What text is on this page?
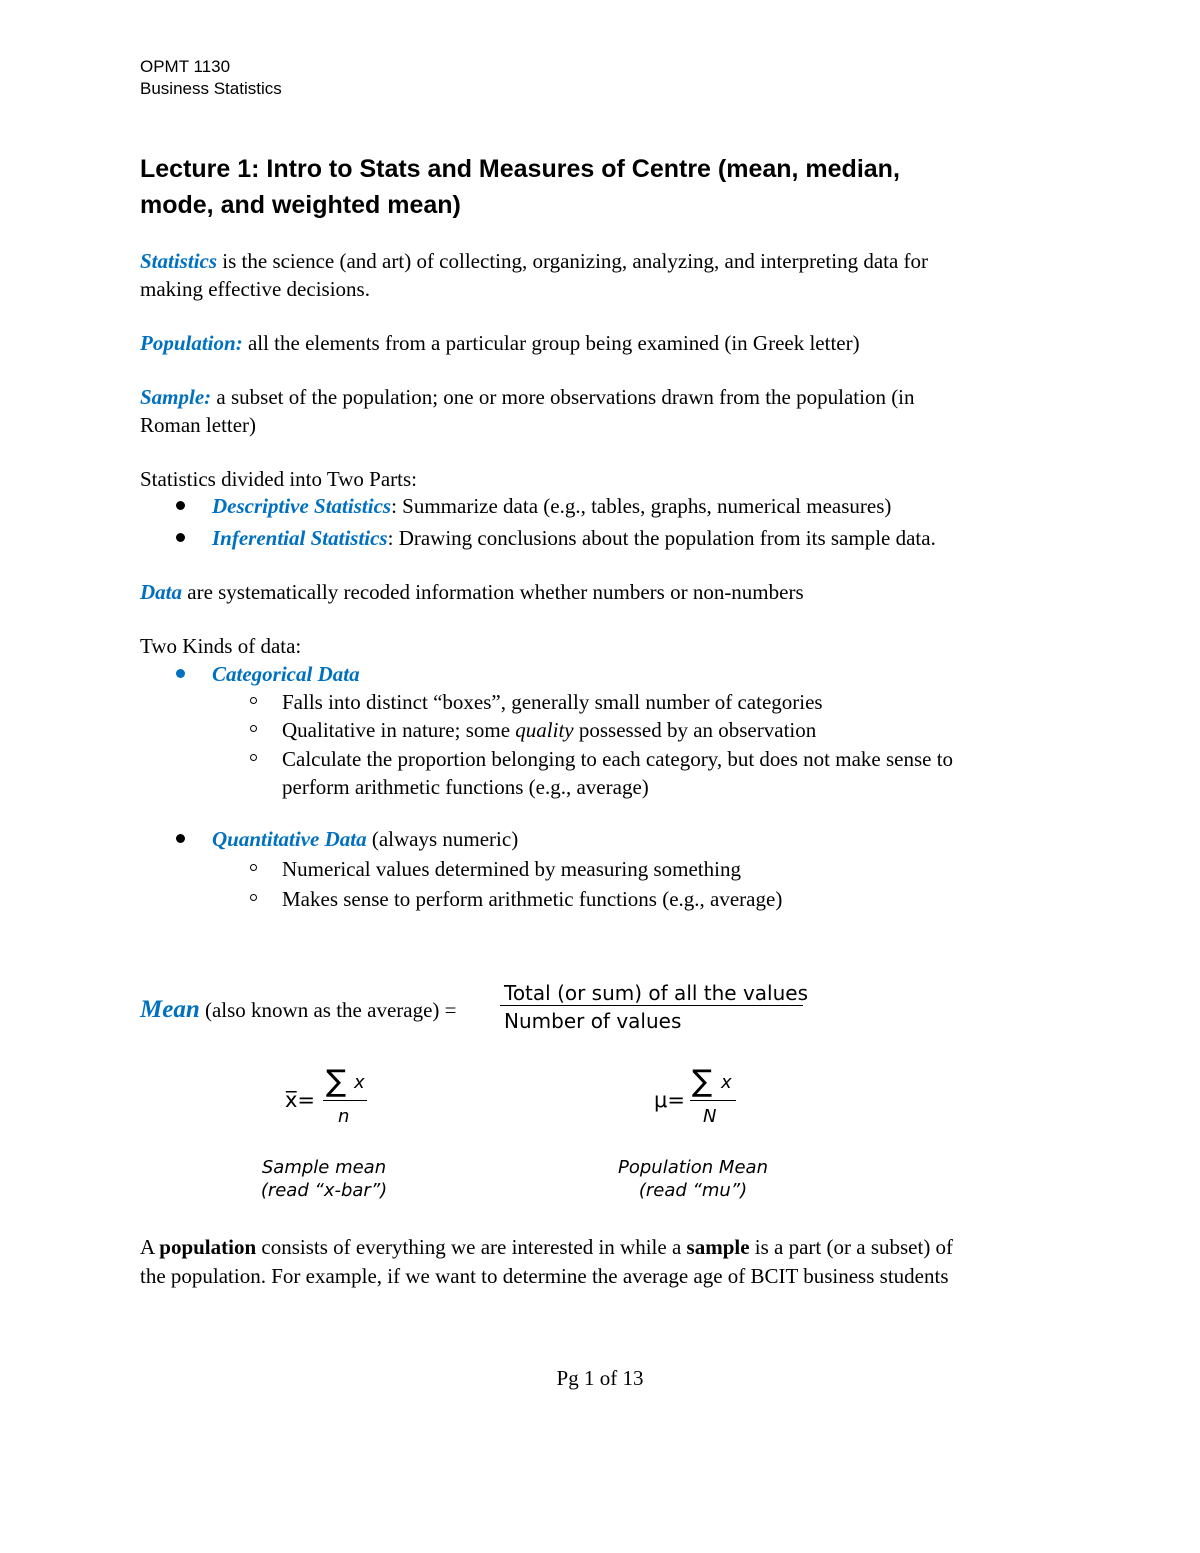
OPMT 1130
Business Statistics
Lecture 1: Intro to Stats and Measures of Centre (mean, median,
mode, and weighted mean)
Statistics is the science (and art) of collecting, organizing, analyzing, and interpreting data for
making effective decisions.
Population: all the elements from a particular group being examined (in Greek letter)
Sample: a subset of the population; one or more observations drawn from the population (in
Roman letter)
Statistics divided into Two Parts:
Descriptive Statistics: Summarize data (e.g., tables, graphs, numerical measures)
Inferential Statistics: Drawing conclusions about the population from its sample data.
Data are systematically recoded information whether numbers or non-numbers
Two Kinds of data:
Categorical Data
Falls into distinct “boxes”, generally small number of categories
Qualitative in nature; some quality possessed by an observation
Calculate the proportion belonging to each category, but does not make sense to
perform arithmetic functions (e.g., average)
Quantitative Data (always numeric)
Numerical values determined by measuring something
Makes sense to perform arithmetic functions (e.g., average)
Mean (also known as the average) =
Total (or sum) of all the values
Number of values
x̅=
∑ x
n
Sample mean
(read “x-bar”)
μ=
∑ x
N
Population Mean
(read “mu”)
A population consists of everything we are interested in while a sample is a part (or a subset) of
the population. For example, if we want to determine the average age of BCIT business students
Pg 1 of 13
